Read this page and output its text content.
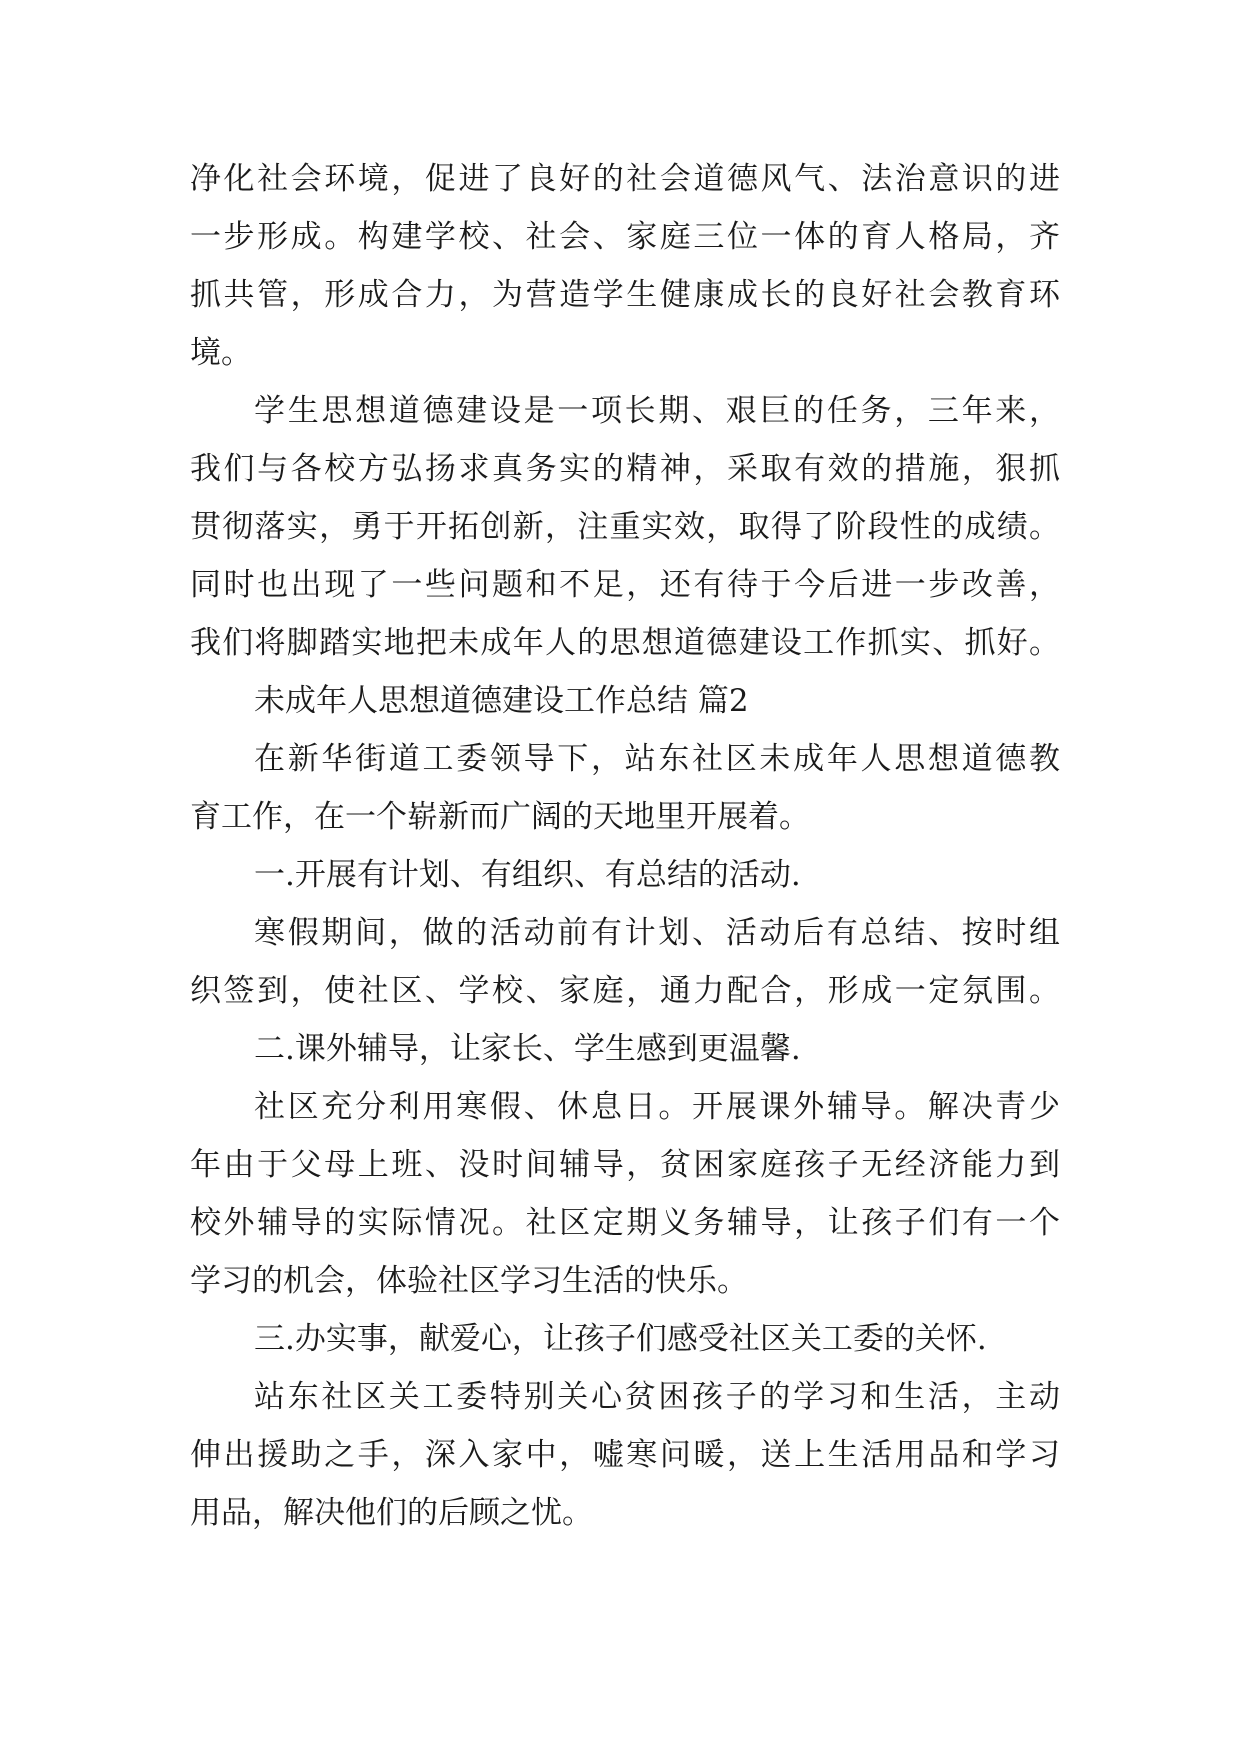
净化社会环境，促进了良好的社会道德风气、法治意识的进
一步形成。构建学校、社会、家庭三位一体的育人格局，齐
抓共管，形成合力，为营造学生健康成长的良好社会教育环
境。
学生思想道德建设是一项长期、艰巨的任务，三年来，
我们与各校方弘扬求真务实的精神，采取有效的措施，狠抓
贯彻落实，勇于开拓创新，注重实效，取得了阶段性的成绩。
同时也出现了一些问题和不足，还有待于今后进一步改善，
我们将脚踏实地把未成年人的思想道德建设工作抓实、抓好。
未成年人思想道德建设工作总结 篇2
在新华街道工委领导下，站东社区未成年人思想道德教
育工作，在一个崭新而广阔的天地里开展着。
一.开展有计划、有组织、有总结的活动.
寒假期间，做的活动前有计划、活动后有总结、按时组
织签到，使社区、学校、家庭，通力配合，形成一定氛围。
二.课外辅导，让家长、学生感到更温馨.
社区充分利用寒假、休息日。开展课外辅导。解决青少
年由于父母上班、没时间辅导，贫困家庭孩子无经济能力到
校外辅导的实际情况。社区定期义务辅导，让孩子们有一个
学习的机会，体验社区学习生活的快乐。
三.办实事，献爱心，让孩子们感受社区关工委的关怀.
站东社区关工委特别关心贫困孩子的学习和生活，主动
伸出援助之手，深入家中，嘘寒问暖，送上生活用品和学习
用品，解决他们的后顾之忧。
